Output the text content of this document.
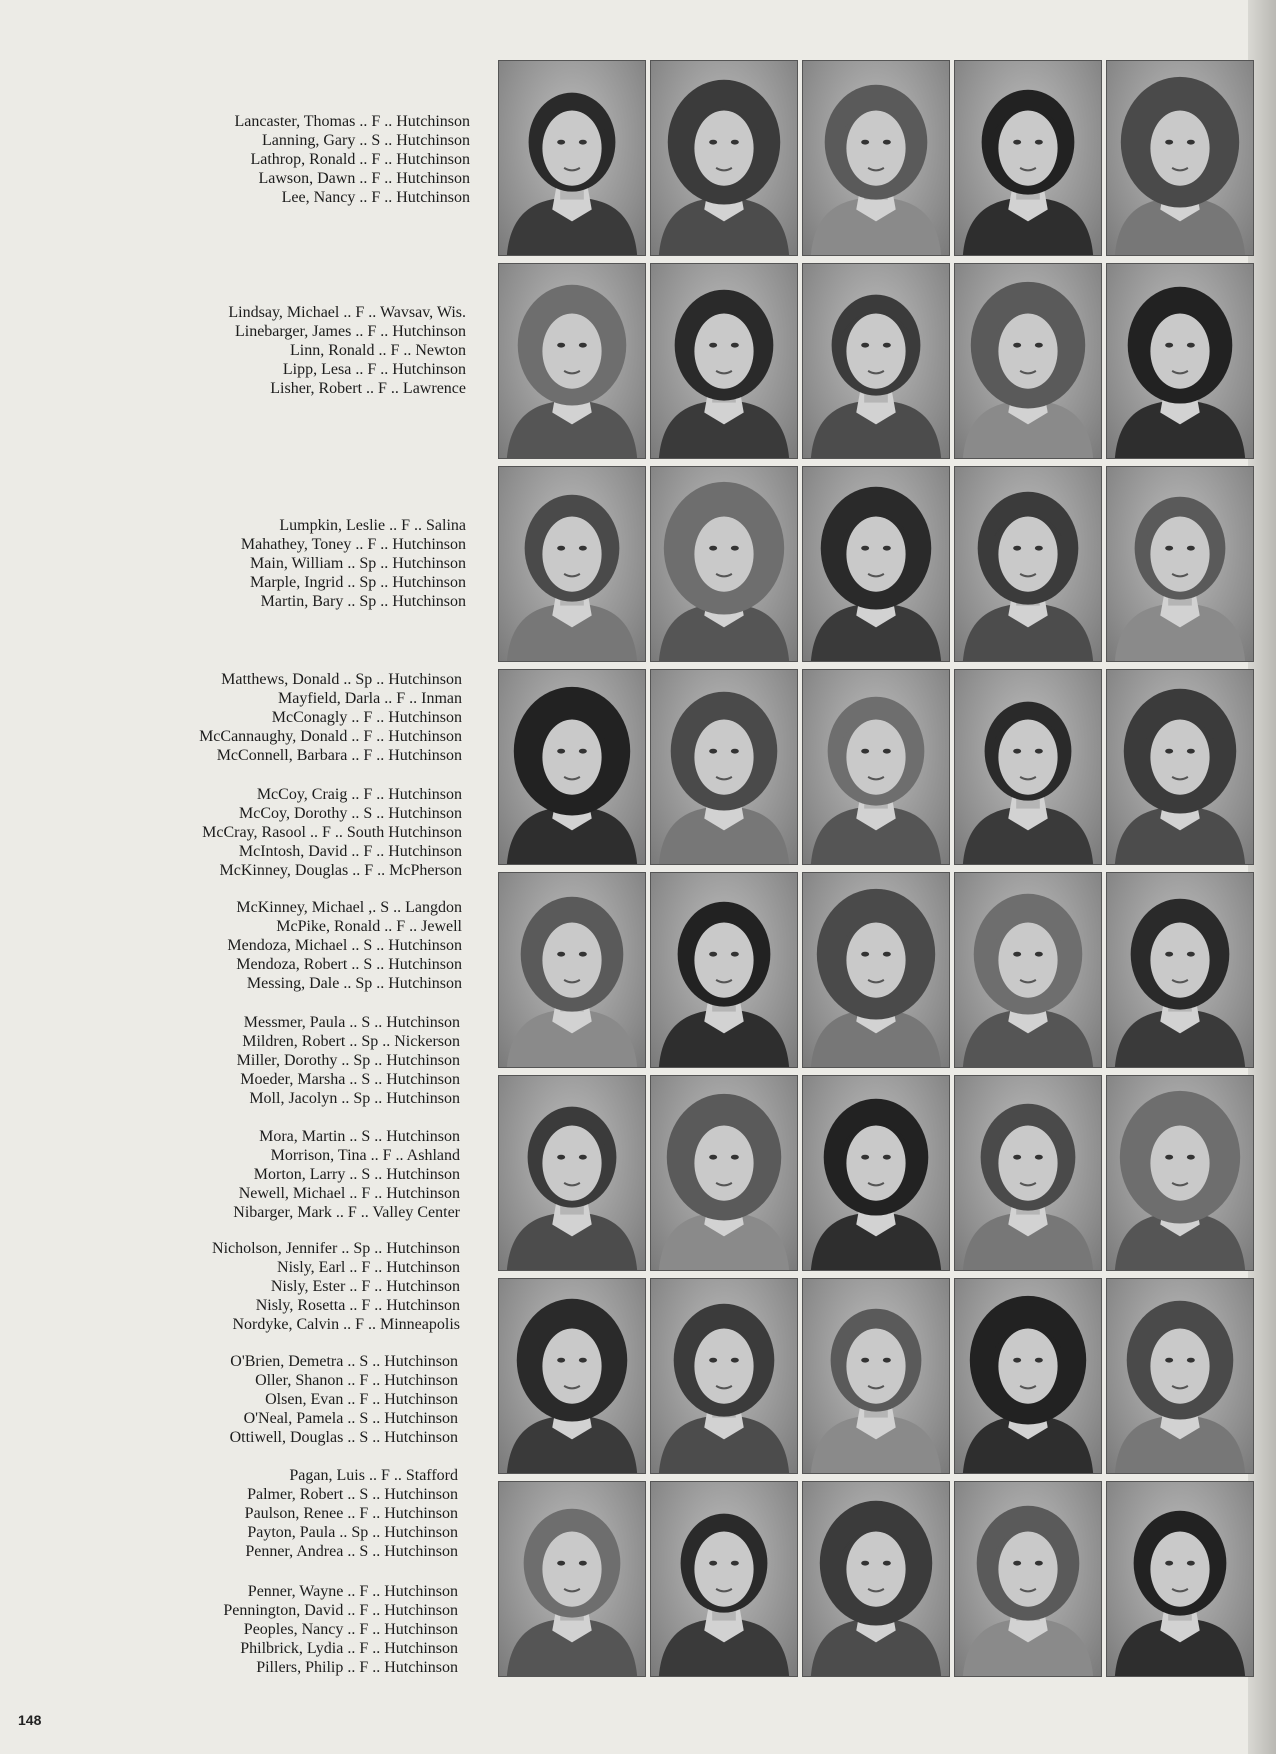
Lancaster, Thomas .. F .. Hutchinson
Lanning, Gary .. S .. Hutchinson
Lathrop, Ronald .. F .. Hutchinson
Lawson, Dawn .. F .. Hutchinson
Lee, Nancy .. F .. Hutchinson
Lindsay, Michael .. F .. Wavsav, Wis.
Linebarger, James .. F .. Hutchinson
Linn, Ronald .. F .. Newton
Lipp, Lesa .. F .. Hutchinson
Lisher, Robert .. F .. Lawrence
Lumpkin, Leslie .. F .. Salina
Mahathey, Toney .. F .. Hutchinson
Main, William .. Sp .. Hutchinson
Marple, Ingrid .. Sp .. Hutchinson
Martin, Bary .. Sp .. Hutchinson
Matthews, Donald .. Sp .. Hutchinson
Mayfield, Darla .. F .. Inman
McConagly .. F .. Hutchinson
McCannaughy, Donald .. F .. Hutchinson
McConnell, Barbara .. F .. Hutchinson
McCoy, Craig .. F .. Hutchinson
McCoy, Dorothy .. S .. Hutchinson
McCray, Rasool .. F .. South Hutchinson
McIntosh, David .. F .. Hutchinson
McKinney, Douglas .. F .. McPherson
McKinney, Michael ,. S .. Langdon
McPike, Ronald .. F .. Jewell
Mendoza, Michael .. S .. Hutchinson
Mendoza, Robert .. S .. Hutchinson
Messing, Dale .. Sp .. Hutchinson
Messmer, Paula .. S .. Hutchinson
Mildren, Robert .. Sp .. Nickerson
Miller, Dorothy .. Sp .. Hutchinson
Moeder, Marsha .. S .. Hutchinson
Moll, Jacolyn .. Sp .. Hutchinson
Mora, Martin .. S .. Hutchinson
Morrison, Tina .. F .. Ashland
Morton, Larry .. S .. Hutchinson
Newell, Michael .. F .. Hutchinson
Nibarger, Mark .. F .. Valley Center
Nicholson, Jennifer .. Sp .. Hutchinson
Nisly, Earl .. F .. Hutchinson
Nisly, Ester .. F .. Hutchinson
Nisly, Rosetta .. F .. Hutchinson
Nordyke, Calvin .. F .. Minneapolis
O'Brien, Demetra .. S .. Hutchinson
Oller, Shanon .. F .. Hutchinson
Olsen, Evan .. F .. Hutchinson
O'Neal, Pamela .. S .. Hutchinson
Ottiwell, Douglas .. S .. Hutchinson
Pagan, Luis .. F .. Stafford
Palmer, Robert .. S .. Hutchinson
Paulson, Renee .. F .. Hutchinson
Payton, Paula .. Sp .. Hutchinson
Penner, Andrea .. S .. Hutchinson
Penner, Wayne .. F .. Hutchinson
Pennington, David .. F .. Hutchinson
Peoples, Nancy .. F .. Hutchinson
Philbrick, Lydia .. F .. Hutchinson
Pillers, Philip .. F .. Hutchinson
148
